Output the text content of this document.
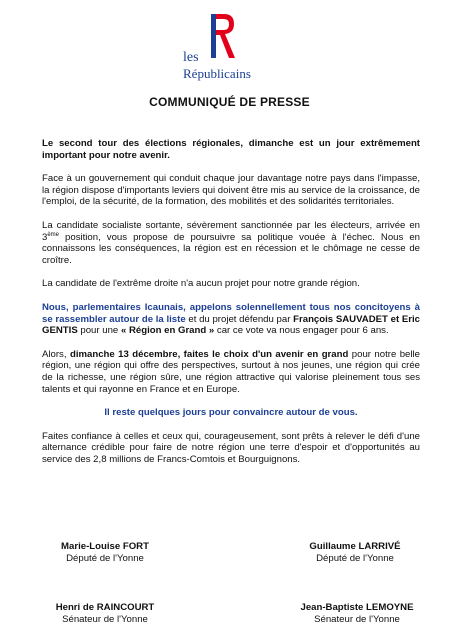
les
Républicains
COMMUNIQUÉ DE PRESSE

Le second tour des élections régionales, dimanche est un jour extrêmement important pour notre avenir.

Face à un gouvernement qui conduit chaque jour davantage notre pays dans l'impasse, la région dispose d'importants leviers qui doivent être mis au service de la croissance, de l'emploi, de la sécurité, de la formation, des mobilités et des solidarités territoriales.

La candidate socialiste sortante, sévèrement sanctionnée par les électeurs, arrivée en 3ème position, vous propose de poursuivre sa politique vouée à l'échec. Nous en connaissons les conséquences, la région est en récession et le chômage ne cesse de croître.

La candidate de l'extrême droite n'a aucun projet pour notre grande région.

Nous, parlementaires Icaunais, appelons solennellement tous nos concitoyens à se rassembler autour de la liste et du projet défendu par François SAUVADET et Eric GENTIS pour une « Région en Grand » car ce vote va nous engager pour 6 ans.

Alors, dimanche 13 décembre, faites le choix d'un avenir en grand pour notre belle région, une région qui offre des perspectives, surtout à nos jeunes, une région qui crée de la richesse, une région sûre, une région attractive qui valorise pleinement tous ses talents et qui rayonne en France et en Europe.

Il reste quelques jours pour convaincre autour de vous.

Faites confiance à celles et ceux qui, courageusement, sont prêts à relever le défi d'une alternance crédible pour faire de notre région une terre d'espoir et d'opportunités au service des 2,8 millions de Francs-Comtois et Bourguignons.

Marie-Louise FORT
Député de l'Yonne
Guillaume LARRIVÉ
Député de l'Yonne
Henri de RAINCOURT
Sénateur de l'Yonne
Jean-Baptiste LEMOYNE
Sénateur de l'Yonne
